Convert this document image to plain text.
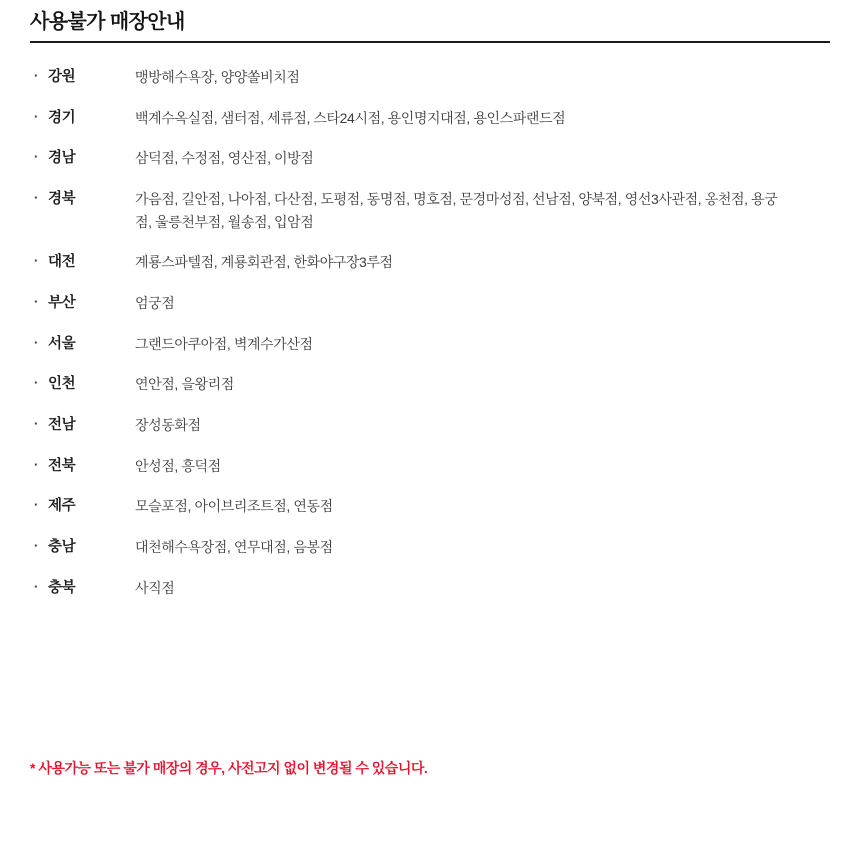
사용불가 매장안내
· 강원	맹방해수욕장, 양양쏠비치점
· 경기	백계수옥실점, 샘터점, 세류점, 스타24시점, 용인명지대점, 용인스파랜드점
· 경남	삼덕점, 수정점, 영산점, 이방점
· 경북	가음점, 길안점, 나아점, 다산점, 도평점, 동명점, 명호점, 문경마성점, 선남점, 양북점, 영선3사관점, 옹천점, 용궁점, 울릉천부점, 월송점, 입암점
· 대전	계룡스파텔점, 계룡회관점, 한화야구장3루점
· 부산	엄궁점
· 서울	그랜드아쿠아점, 벽계수가산점
· 인천	연안점, 을왕리점
· 전남	장성동화점
· 전북	안성점, 흥덕점
· 제주	모슬포점, 아이브리조트점, 연동점
· 충남	대천해수욕장점, 연무대점, 음봉점
· 충북	사직점
* 사용가능 또는 불가 매장의 경우, 사전고지 없이 변경될 수 있습니다.
